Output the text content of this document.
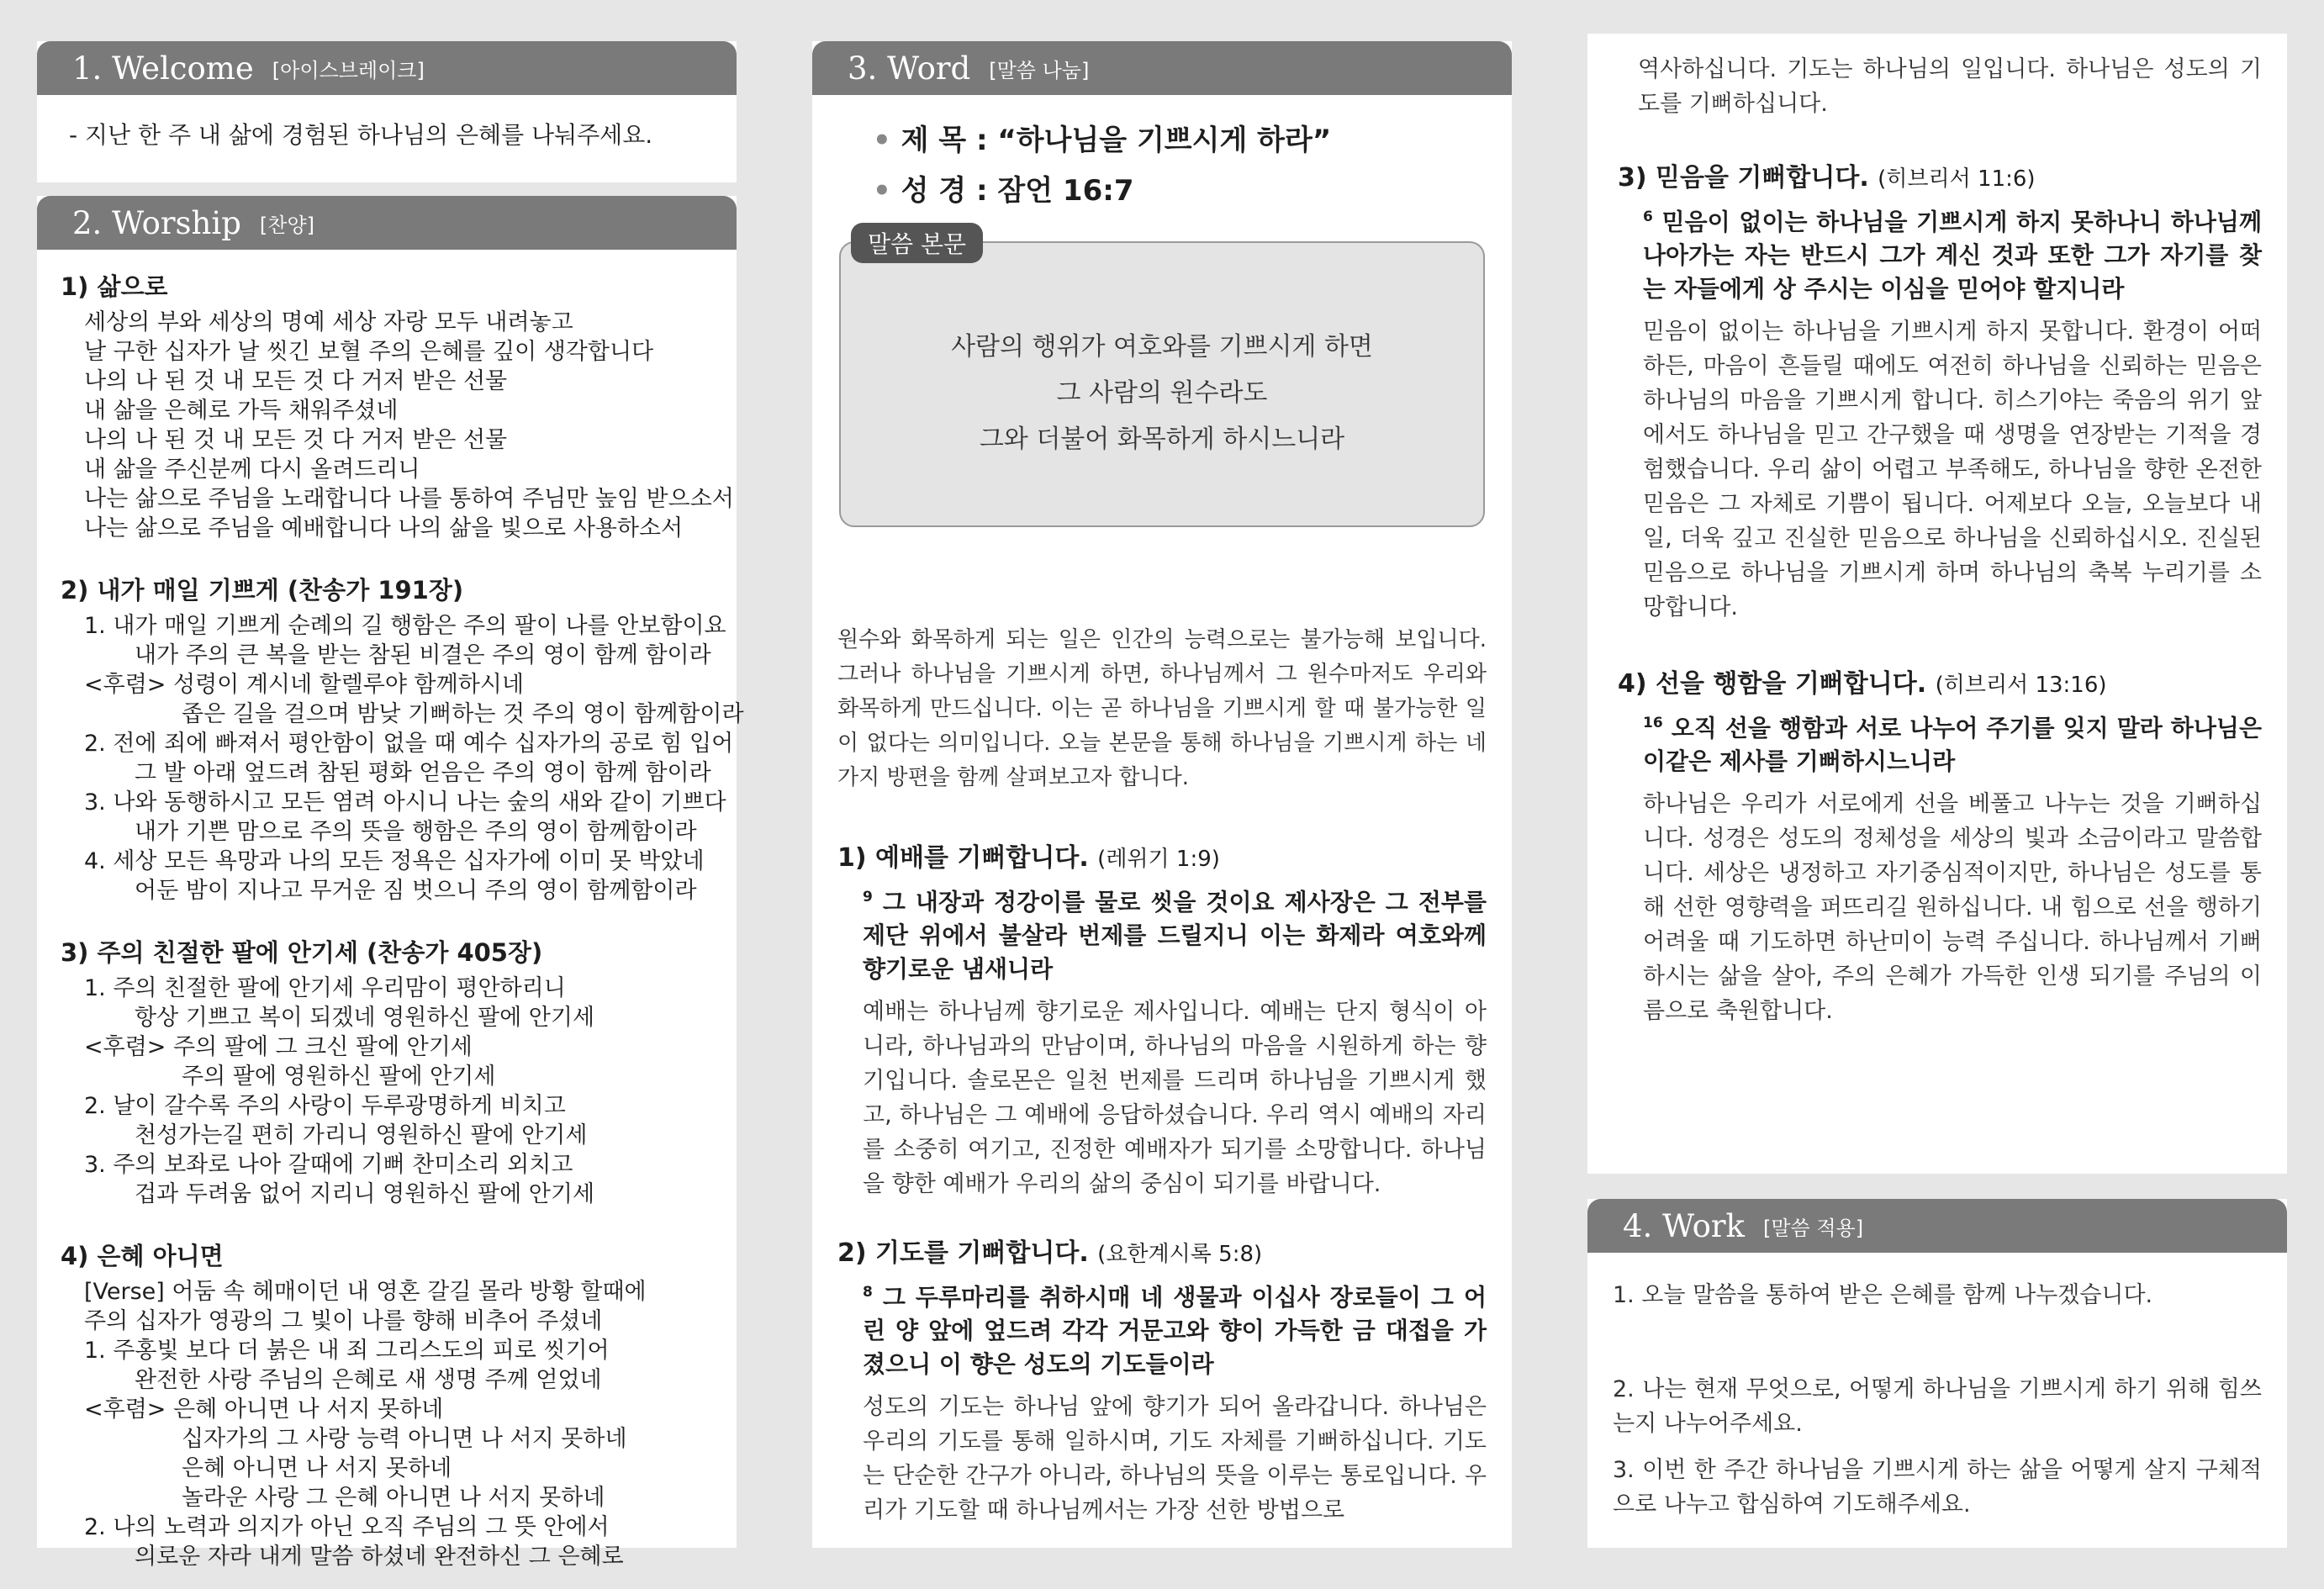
1. Welcome [아이스브레이크]
- 지난 한 주 내 삶에 경험된 하나님의 은혜를 나눠주세요.
2. Worship [찬양]
1) 삶으로
세상의 부와 세상의 명예 세상 자랑 모두 내려놓고
날 구한 십자가 날 씻긴 보혈 주의 은혜를 깊이 생각합니다
나의 나 된 것 내 모든 것 다 거저 받은 선물
내 삶을 은혜로 가득 채워주셨네
나의 나 된 것 내 모든 것 다 거저 받은 선물
내 삶을 주신분께 다시 올려드리니
나는 삶으로 주님을 노래합니다 나를 통하여 주님만 높임 받으소서
나는 삶으로 주님을 예배합니다 나의 삶을 빛으로 사용하소서
2) 내가 매일 기쁘게 (찬송가 191장)
1. 내가 매일 기쁘게 순례의 길 행함은 주의 팔이 나를 안보함이요
내가 주의 큰 복을 받는 참된 비결은 주의 영이 함께 함이라
<후렴> 성령이 계시네 할렐루야 함께하시네
좁은 길을 걸으며 밤낮 기뻐하는 것 주의 영이 함께함이라
2. 전에 죄에 빠져서 평안함이 없을 때 예수 십자가의 공로 힘 입어
그 발 아래 엎드려 참된 평화 얻음은 주의 영이 함께 함이라
3. 나와 동행하시고 모든 염려 아시니 나는 숲의 새와 같이 기쁘다
내가 기쁜 맘으로 주의 뜻을 행함은 주의 영이 함께함이라
4. 세상 모든 욕망과 나의 모든 정욕은 십자가에 이미 못 박았네
어둔 밤이 지나고 무거운 짐 벗으니 주의 영이 함께함이라
3) 주의 친절한 팔에 안기세 (찬송가 405장)
1. 주의 친절한 팔에 안기세 우리맘이 평안하리니
항상 기쁘고 복이 되겠네 영원하신 팔에 안기세
<후렴> 주의 팔에 그 크신 팔에 안기세
주의 팔에 영원하신 팔에 안기세
2. 날이 갈수록 주의 사랑이 두루광명하게 비치고
천성가는길 편히 가리니 영원하신 팔에 안기세
3. 주의 보좌로 나아 갈때에 기뻐 찬미소리 외치고
겁과 두려움 없어 지리니 영원하신 팔에 안기세
4) 은혜 아니면
[Verse] 어둠 속 헤매이던 내 영혼 갈길 몰라 방황 할때에
주의 십자가 영광의 그 빛이 나를 향해 비추어 주셨네
1. 주홍빛 보다 더 붉은 내 죄 그리스도의 피로 씻기어
완전한 사랑 주님의 은혜로 새 생명 주께 얻었네
<후렴> 은혜 아니면 나 서지 못하네
십자가의 그 사랑 능력 아니면 나 서지 못하네
은혜 아니면 나 서지 못하네
놀라운 사랑 그 은혜 아니면 나 서지 못하네
2. 나의 노력과 의지가 아닌 오직 주님의 그 뜻 안에서
의로운 자라 내게 말씀 하셨네 완전하신 그 은혜로
3. Word [말씀 나눔]
• 제 목 : “하나님을 기쁘시게 하라”
• 성 경 : 잠언 16:7
사람의 행위가 여호와를 기쁘시게 하면
그 사람의 원수라도
그와 더불어 화목하게 하시느니라
말씀 본문
원수와 화목하게 되는 일은 인간의 능력으로는 불가능해 보입니다. 그러나 하나님을 기쁘시게 하면, 하나님께서 그 원수마저도 우리와 화목하게 만드십니다. 이는 곧 하나님을 기쁘시게 할 때 불가능한 일이 없다는 의미입니다. 오늘 본문을 통해 하나님을 기쁘시게 하는 네 가지 방편을 함께 살펴보고자 합니다.
1) 예배를 기뻐합니다. (레위기 1:9)
$^9$ 그 내장과 정강이를 물로 씻을 것이요 제사장은 그 전부를 제단 위에서 불살라 번제를 드릴지니 이는 화제라 여호와께 향기로운 냄새니라
예배는 하나님께 향기로운 제사입니다. 예배는 단지 형식이 아니라, 하나님과의 만남이며, 하나님의 마음을 시원하게 하는 향기입니다. 솔로몬은 일천 번제를 드리며 하나님을 기쁘시게 했고, 하나님은 그 예배에 응답하셨습니다. 우리 역시 예배의 자리를 소중히 여기고, 진정한 예배자가 되기를 소망합니다. 하나님을 향한 예배가 우리의 삶의 중심이 되기를 바랍니다.
2) 기도를 기뻐합니다. (요한계시록 5:8)
$^8$ 그 두루마리를 취하시매 네 생물과 이십사 장로들이 그 어린 양 앞에 엎드려 각각 거문고와 향이 가득한 금 대접을 가졌으니 이 향은 성도의 기도들이라
성도의 기도는 하나님 앞에 향기가 되어 올라갑니다. 하나님은 우리의 기도를 통해 일하시며, 기도 자체를 기뻐하십니다. 기도는 단순한 간구가 아니라, 하나님의 뜻을 이루는 통로입니다. 우리가 기도할 때 하나님께서는 가장 선한 방법으로
역사하십니다. 기도는 하나님의 일입니다. 하나님은 성도의 기도를 기뻐하십니다.
3) 믿음을 기뻐합니다. (히브리서 11:6)
$^6$ 믿음이 없이는 하나님을 기쁘시게 하지 못하나니 하나님께 나아가는 자는 반드시 그가 계신 것과 또한 그가 자기를 찾는 자들에게 상 주시는 이심을 믿어야 할지니라
믿음이 없이는 하나님을 기쁘시게 하지 못합니다. 환경이 어떠하든, 마음이 흔들릴 때에도 여전히 하나님을 신뢰하는 믿음은 하나님의 마음을 기쁘시게 합니다. 히스기야는 죽음의 위기 앞에서도 하나님을 믿고 간구했을 때 생명을 연장받는 기적을 경험했습니다. 우리 삶이 어렵고 부족해도, 하나님을 향한 온전한 믿음은 그 자체로 기쁨이 됩니다. 어제보다 오늘, 오늘보다 내일, 더욱 깊고 진실한 믿음으로 하나님을 신뢰하십시오. 진실된 믿음으로 하나님을 기쁘시게 하며 하나님의 축복 누리기를 소망합니다.
4) 선을 행함을 기뻐합니다. (히브리서 13:16)
$^{16}$ 오직 선을 행함과 서로 나누어 주기를 잊지 말라 하나님은 이같은 제사를 기뻐하시느니라
하나님은 우리가 서로에게 선을 베풀고 나누는 것을 기뻐하십니다. 성경은 성도의 정체성을 세상의 빛과 소금이라고 말씀합니다. 세상은 냉정하고 자기중심적이지만, 하나님은 성도를 통해 선한 영향력을 퍼뜨리길 원하십니다. 내 힘으로 선을 행하기 어려울 때 기도하면 하난미이 능력 주십니다. 하나님께서 기뻐하시는 삶을 살아, 주의 은혜가 가득한 인생 되기를 주님의 이름으로 축원합니다.
4. Work [말씀 적용]
1. 오늘 말씀을 통하여 받은 은혜를 함께 나누겠습니다.
2. 나는 현재 무엇으로, 어떻게 하나님을 기쁘시게 하기 위해 힘쓰는지 나누어주세요.
3. 이번 한 주간 하나님을 기쁘시게 하는 삶을 어떻게 살지 구체적으로 나누고 합심하여 기도해주세요.
